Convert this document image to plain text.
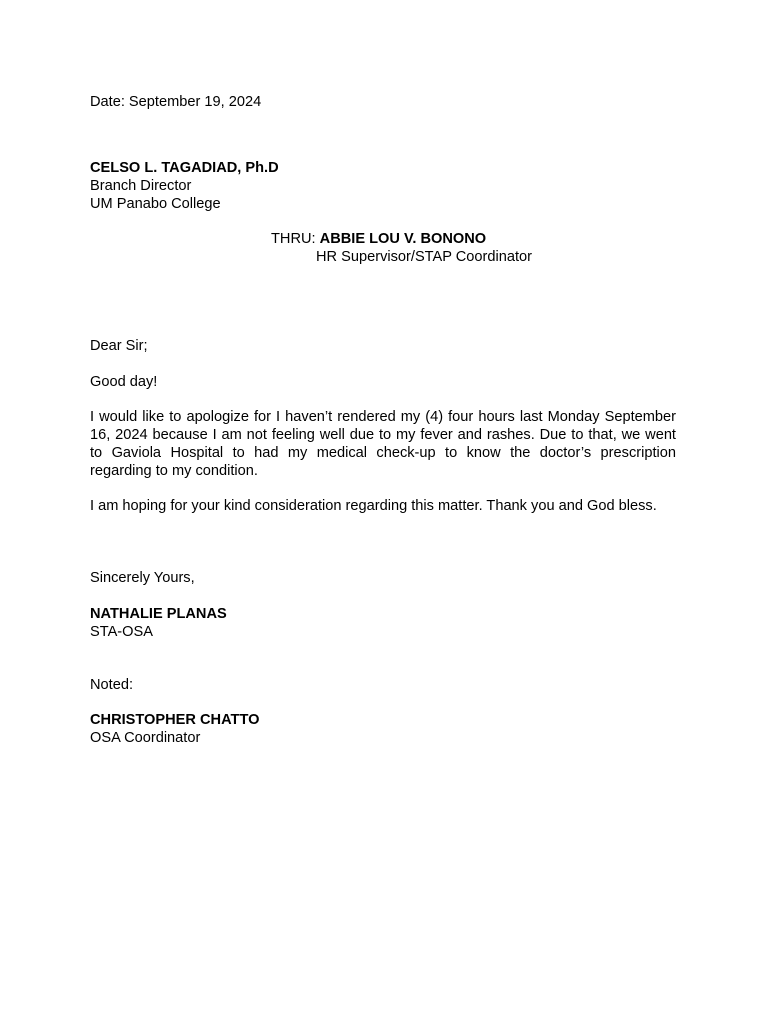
Date: September 19, 2024
CELSO L. TAGADIAD, Ph.D
Branch Director
UM Panabo College
THRU: ABBIE LOU V. BONONO
HR Supervisor/STAP Coordinator
Dear Sir;
Good day!
I would like to apologize for I haven’t rendered my (4) four hours last Monday September 16, 2024 because I am not feeling well due to my fever and rashes. Due to that, we went to Gaviola Hospital to had my medical check-up to know the doctor’s prescription regarding to my condition.
I am hoping for your kind consideration regarding this matter. Thank you and God bless.
Sincerely Yours,
NATHALIE PLANAS
STA-OSA
Noted:
CHRISTOPHER CHATTO
OSA Coordinator
